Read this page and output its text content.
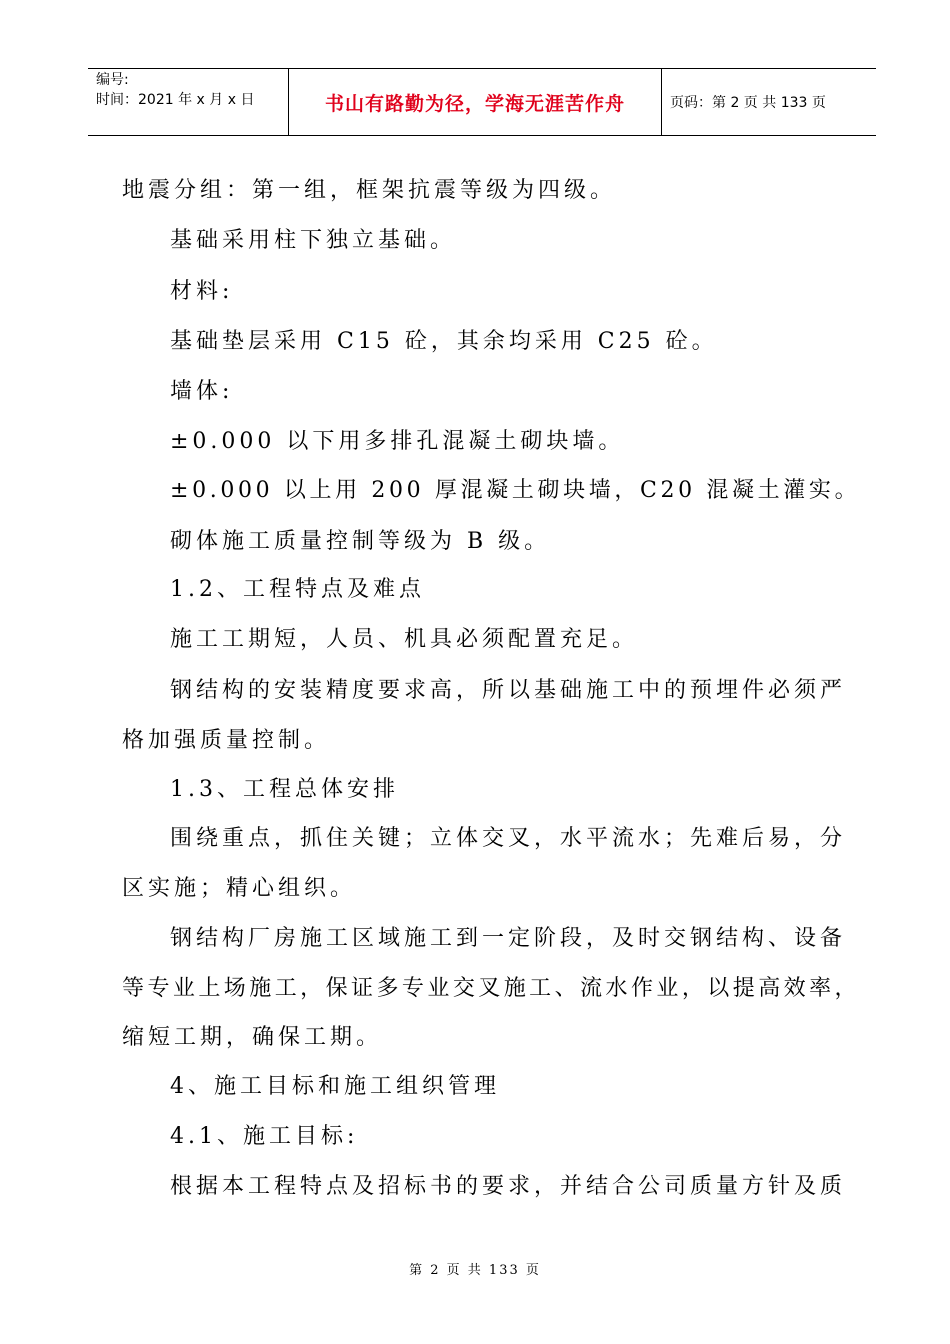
编号:
时间：2021 年 x 月 x 日	书山有路勤为径，学海无涯苦作舟	页码：第 2 页 共 133 页
地震分组：第一组，框架抗震等级为四级。
基础采用柱下独立基础。
材料:
基础垫层采用 C15 砼，其余均采用 C25 砼。
墙体:
±0.000 以下用多排孔混凝土砌块墙。
±0.000 以上用 200 厚混凝土砌块墙，C20 混凝土灌实。
砌体施工质量控制等级为 B 级。
1.2、工程特点及难点
施工工期短，人员、机具必须配置充足。
钢结构的安装精度要求高，所以基础施工中的预埋件必须严
格加强质量控制。
1.3、工程总体安排
围绕重点，抓住关键；立体交叉，水平流水；先难后易，分
区实施；精心组织。
钢结构厂房施工区域施工到一定阶段，及时交钢结构、设备
等专业上场施工，保证多专业交叉施工、流水作业，以提高效率，
缩短工期，确保工期。
4、施工目标和施工组织管理
4.1、施工目标:
根据本工程特点及招标书的要求，并结合公司质量方针及质
第 2 页 共 133 页
